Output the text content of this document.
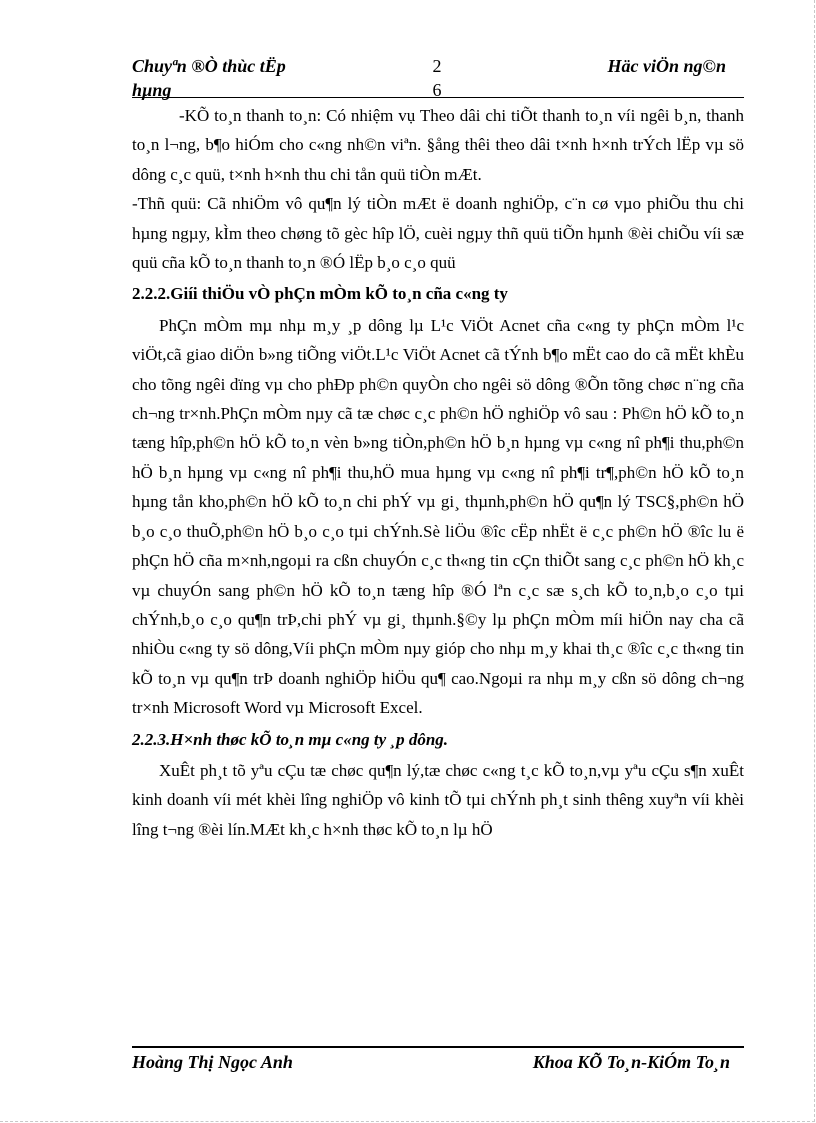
Chuyªn ®Ò thùc tËp hµng
2 6
Häc viÖn ng©n

-KÕ to¸n thanh to¸n: Có nhiệm vụ Theo dâi chi tiÕt thanh to¸n víi ngêi b¸n, thanh to¸n l¬ng, b¶o hiÓm cho c«ng nh©n viªn. §ång thêi theo dâi t×nh h×nh trÝch lËp vµ sö dông c¸c quü, t×nh h×nh thu chi tån quü tiÒn mÆt.

-Thñ quü: Cã nhiÖm vô qu¶n lý tiÒn mÆt ë doanh nghiÖp, c¨n cø vµo phiÕu thu chi hµng ngµy, kÌm theo chøng tõ gèc hîp lÖ, cuèi ngµy thñ quü tiÕn hµnh ®èi chiÕu víi sæ quü cña kÕ to¸n thanh to¸n ®Ó lËp b¸o c¸o quü

2.2.2.Giíi thiÖu vÒ phÇn mÒm kÕ to¸n cña c«ng ty

PhÇn mÒm mµ nhµ m¸y ¸p dông lµ L¹c ViÖt Acnet cña c«ng ty phÇn mÒm l¹c viÖt,cã giao diÖn b»ng tiÕng viÖt.L¹c ViÖt Acnet cã tÝnh b¶o mËt cao do cã mËt khÈu cho tõng ngêi dïng vµ cho phÐp ph©n quyÒn cho ngêi sö dông ®Õn tõng chøc n¨ng cña ch¬ng tr×nh.PhÇn mÒm nµy cã tæ chøc c¸c ph©n hÖ nghiÖp vô sau : Ph©n hÖ kÕ to¸n tæng hîp,ph©n hÖ kÕ to¸n vèn b»ng tiÒn,ph©n hÖ b¸n hµng vµ c«ng nî ph¶i thu,ph©n hÖ b¸n hµng vµ c«ng nî ph¶i thu,hÖ mua hµng vµ c«ng nî ph¶i tr¶,ph©n hÖ kÕ to¸n hµng tån kho,ph©n hÖ kÕ to¸n chi phÝ vµ gi¸ thµnh,ph©n hÖ qu¶n lý TSC§,ph©n hÖ b¸o c¸o thuÕ,ph©n hÖ b¸o c¸o tµi chÝnh.Sè liÖu ®îc cËp nhËt ë c¸c ph©n hÖ ®îc lu ë phÇn hÖ cña m×nh,ngoµi ra cßn chuyÓn c¸c th«ng tin cÇn thiÕt sang c¸c ph©n hÖ kh¸c vµ chuyÓn sang ph©n hÖ kÕ to¸n tæng hîp ®Ó lªn c¸c sæ s¸ch kÕ to¸n,b¸o c¸o tµi chÝnh,b¸o c¸o qu¶n trÞ,chi phÝ vµ gi¸ thµnh.§©y lµ phÇn mÒm míi hiÖn nay cha cã nhiÒu c«ng ty sö dông,Víi phÇn mÒm nµy gióp cho nhµ m¸y khai th¸c ®îc c¸c th«ng tin kÕ to¸n vµ qu¶n trÞ doanh nghiÖp hiÖu qu¶ cao.Ngoµi ra nhµ m¸y cßn sö dông ch¬ng tr×nh Microsoft Word vµ Microsoft Excel.

2.2.3.H×nh thøc kÕ to¸n mµ c«ng ty ¸p dông.

XuÊt ph¸t tõ yªu cÇu tæ chøc qu¶n lý,tæ chøc c«ng t¸c kÕ to¸n,vµ yªu cÇu s¶n xuÊt kinh doanh víi mét khèi lîng nghiÖp vô kinh tÕ tµi chÝnh ph¸t sinh thêng xuyªn víi khèi lîng t¬ng ®èi lín.MÆt kh¸c h×nh thøc kÕ to¸n lµ hÖ

Hoàng Thị Ngọc Anh	Khoa KÕ To¸n-KiÓm To¸n
